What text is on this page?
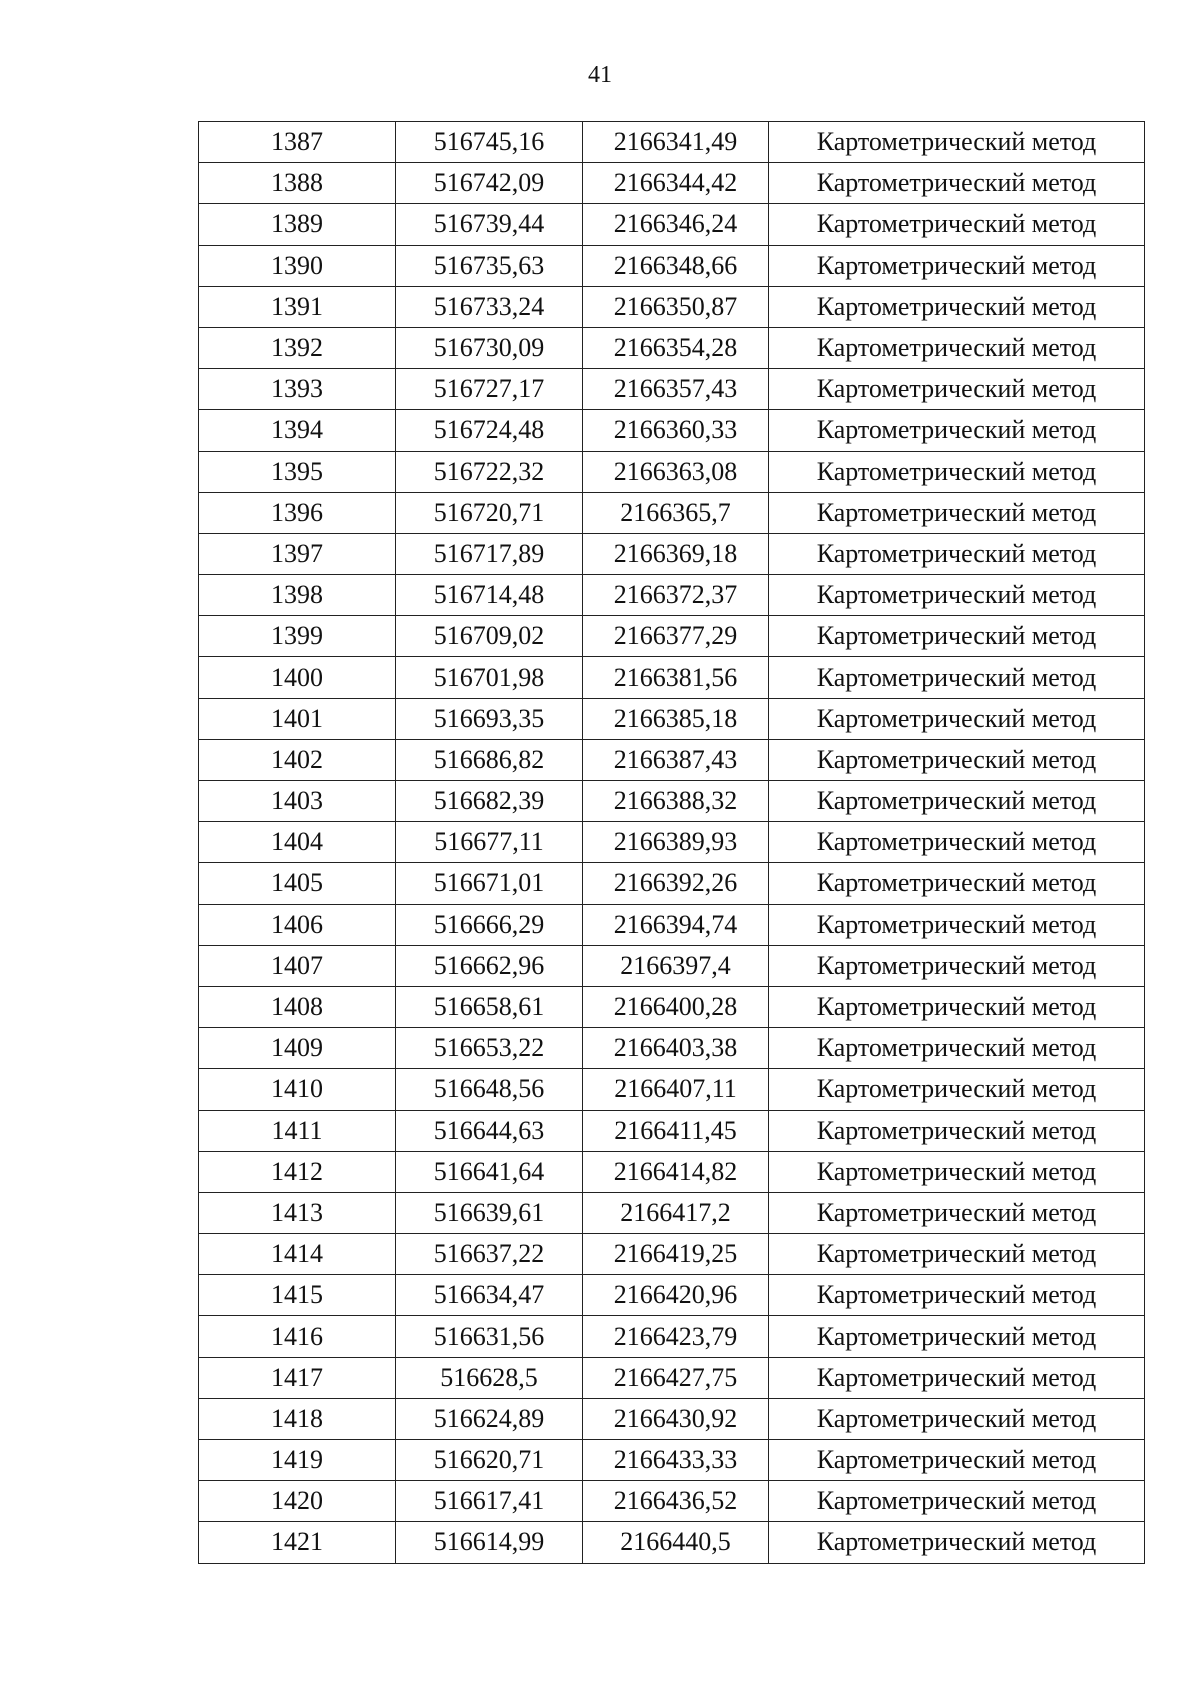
41
1387	516745,16	2166341,49	Картометрический метод
1388	516742,09	2166344,42	Картометрический метод
1389	516739,44	2166346,24	Картометрический метод
1390	516735,63	2166348,66	Картометрический метод
1391	516733,24	2166350,87	Картометрический метод
1392	516730,09	2166354,28	Картометрический метод
1393	516727,17	2166357,43	Картометрический метод
1394	516724,48	2166360,33	Картометрический метод
1395	516722,32	2166363,08	Картометрический метод
1396	516720,71	2166365,7	Картометрический метод
1397	516717,89	2166369,18	Картометрический метод
1398	516714,48	2166372,37	Картометрический метод
1399	516709,02	2166377,29	Картометрический метод
1400	516701,98	2166381,56	Картометрический метод
1401	516693,35	2166385,18	Картометрический метод
1402	516686,82	2166387,43	Картометрический метод
1403	516682,39	2166388,32	Картометрический метод
1404	516677,11	2166389,93	Картометрический метод
1405	516671,01	2166392,26	Картометрический метод
1406	516666,29	2166394,74	Картометрический метод
1407	516662,96	2166397,4	Картометрический метод
1408	516658,61	2166400,28	Картометрический метод
1409	516653,22	2166403,38	Картометрический метод
1410	516648,56	2166407,11	Картометрический метод
1411	516644,63	2166411,45	Картометрический метод
1412	516641,64	2166414,82	Картометрический метод
1413	516639,61	2166417,2	Картометрический метод
1414	516637,22	2166419,25	Картометрический метод
1415	516634,47	2166420,96	Картометрический метод
1416	516631,56	2166423,79	Картометрический метод
1417	516628,5	2166427,75	Картометрический метод
1418	516624,89	2166430,92	Картометрический метод
1419	516620,71	2166433,33	Картометрический метод
1420	516617,41	2166436,52	Картометрический метод
1421	516614,99	2166440,5	Картометрический метод
